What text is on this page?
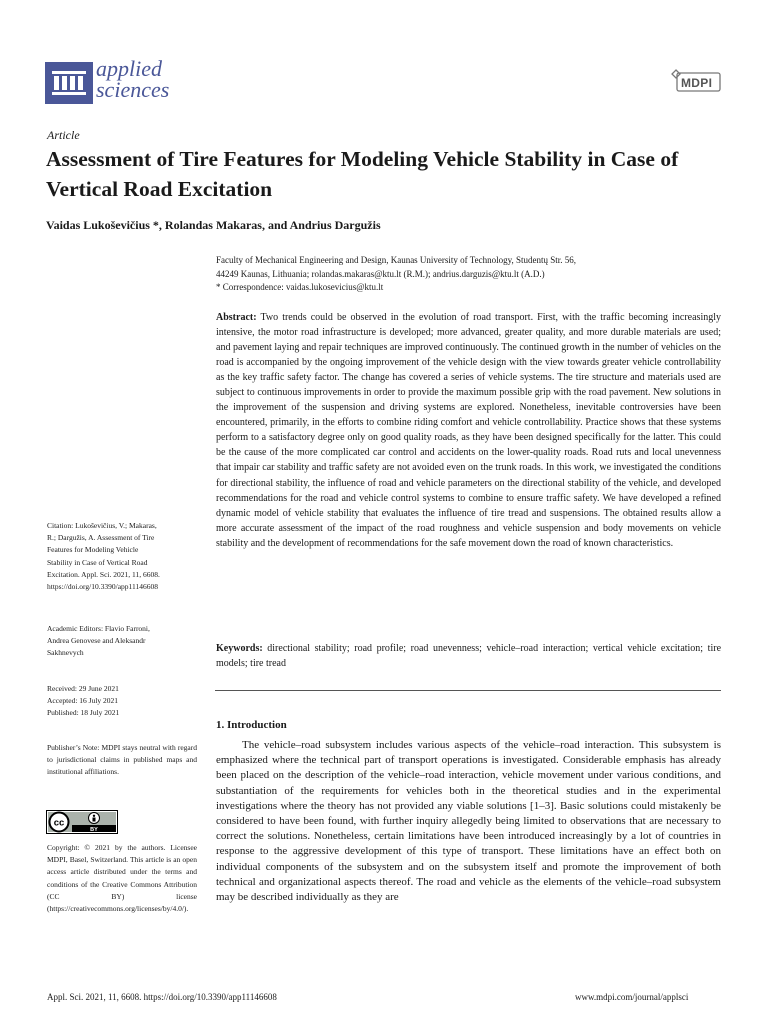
applied
sciences	MDPI
Article
Assessment of Tire Features for Modeling Vehicle Stability in Case of Vertical Road Excitation
Vaidas Lukoševičius *, Rolandas Makaras, and Andrius Dargužis
Faculty of Mechanical Engineering and Design, Kaunas University of Technology, Studentų Str. 56,
44249 Kaunas, Lithuania; rolandas.makaras@ktu.lt (R.M.); andrius.darguzis@ktu.lt (A.D.)
* Correspondence: vaidas.lukosevicius@ktu.lt
Abstract: Two trends could be observed in the evolution of road transport. First, with the traffic becoming increasingly intensive, the motor road infrastructure is developed; more advanced, greater quality, and more durable materials are used; and pavement laying and repair techniques are improved continuously. The continued growth in the number of vehicles on the road is accompanied by the ongoing improvement of the vehicle design with the view towards greater vehicle controllability as the key traffic safety factor. The change has covered a series of vehicle systems. The tire structure and materials used are subject to continuous improvements in order to provide the maximum possible grip with the road pavement. New solutions in the improvement of the suspension and driving systems are explored. Nonetheless, inevitable controversies have been encountered, primarily, in the efforts to combine riding comfort and vehicle controllability. Practice shows that these systems perform to a satisfactory degree only on good quality roads, as they have been designed specifically for the latter. This could be the cause of the more complicated car control and accidents on the lower-quality roads. Road ruts and local unevenness that impair car stability and traffic safety are not avoided even on the trunk roads. In this work, we investigated the conditions for directional stability, the influence of road and vehicle parameters on the directional stability of the vehicle, and developed recommendations for the road and vehicle control systems to combine to ensure traffic safety. We have developed a refined dynamic model of vehicle stability that evaluates the influence of tire tread and suspensions. The obtained results allow a more accurate assessment of the impact of the road roughness and vehicle suspension and body movements on vehicle stability and the development of recommendations for the safe movement down the road of known characteristics.
Keywords: directional stability; road profile; road unevenness; vehicle–road interaction; vertical vehicle excitation; tire models; tire tread
1. Introduction
The vehicle–road subsystem includes various aspects of the vehicle–road interaction. This subsystem is emphasized where the technical part of transport operations is investigated. Considerable emphasis has already been placed on the description of the vehicle–road interaction, vehicle movement under various conditions, and substantiation of the requirements for vehicles both in the theoretical studies and in the experimental investigations where the theory has not provided any viable solutions [1–3]. Basic solutions could mistakenly be considered to have been found, with further inquiry allegedly being limited to observations that are necessary to correct the solutions. Nonetheless, certain limitations have been introduced increasingly by a lot of countries in response to the aggressive development of this type of transport. These limitations have an effect both on individual components of the subsystem and on the subsystem itself and promote the improvement of both technical and organizational aspects thereof. The road and vehicle as the elements of the vehicle–road subsystem may be described individually as they are
Citation: Lukoševičius, V.; Makaras,
R.; Dargužis, A. Assessment of Tire
Features for Modeling Vehicle
Stability in Case of Vertical Road
Excitation. Appl. Sci. 2021, 11, 6608.
https://doi.org/10.3390/app11146608
Academic Editors: Flavio Farroni,
Andrea Genovese and Aleksandr
Sakhnevych
Received: 29 June 2021
Accepted: 16 July 2021
Published: 18 July 2021
Publisher’s Note: MDPI stays neutral with regard to jurisdictional claims in published maps and institutional affiliations.
cc
BY
Copyright: © 2021 by the authors. Licensee MDPI, Basel, Switzerland. This article is an open access article distributed under the terms and conditions of the Creative Commons Attribution (CC BY) license (https://creativecommons.org/licenses/by/4.0/).
Appl. Sci. 2021, 11, 6608. https://doi.org/10.3390/app11146608	www.mdpi.com/journal/applsci
